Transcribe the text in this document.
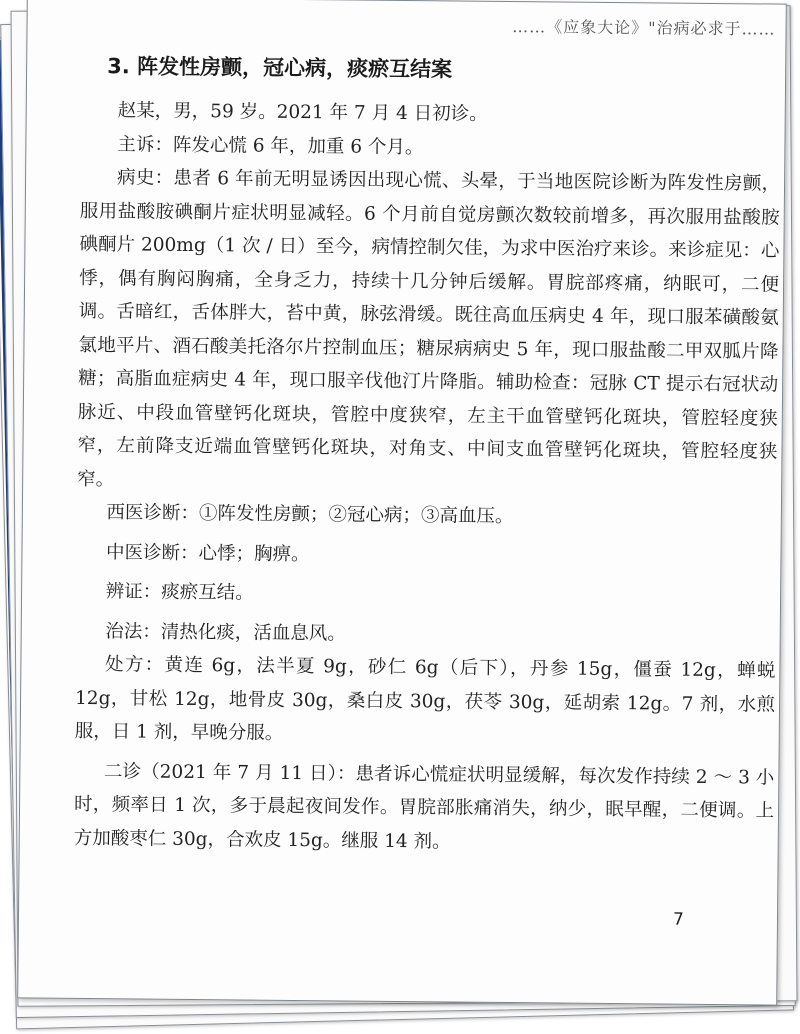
……《应象大论》"治病必求于……
3. 阵发性房颤，冠心病，痰瘀互结案

赵某，男，59 岁。2021 年 7 月 4 日初诊。

主诉：阵发心慌 6 年，加重 6 个月。

病史：患者 6 年前无明显诱因出现心慌、头晕，于当地医院诊断为阵发性房颤，服用盐酸胺碘酮片症状明显减轻。6 个月前自觉房颤次数较前增多，再次服用盐酸胺碘酮片 200mg（1 次 / 日）至今，病情控制欠佳，为求中医治疗来诊。来诊症见：心悸，偶有胸闷胸痛，全身乏力，持续十几分钟后缓解。胃脘部疼痛，纳眠可，二便调。舌暗红，舌体胖大，苔中黄，脉弦滑缓。既往高血压病史 4 年，现口服苯磺酸氨氯地平片、酒石酸美托洛尔片控制血压；糖尿病病史 5 年，现口服盐酸二甲双胍片降糖；高脂血症病史 4 年，现口服辛伐他汀片降脂。辅助检查：冠脉 CT 提示右冠状动脉近、中段血管壁钙化斑块，管腔中度狭窄，左主干血管壁钙化斑块，管腔轻度狭窄，左前降支近端血管壁钙化斑块，对角支、中间支血管壁钙化斑块，管腔轻度狭窄。

西医诊断：①阵发性房颤；②冠心病；③高血压。

中医诊断：心悸；胸痹。

辨证：痰瘀互结。

治法：清热化痰，活血息风。

处方：黄连 6g，法半夏 9g，砂仁 6g（后下），丹参 15g，僵蚕 12g，蝉蜕 12g，甘松 12g，地骨皮 30g，桑白皮 30g，茯苓 30g，延胡索 12g。7 剂，水煎服，日 1 剂，早晚分服。

二诊（2021 年 7 月 11 日）：患者诉心慌症状明显缓解，每次发作持续 2 ～ 3 小时，频率日 1 次，多于晨起夜间发作。胃脘部胀痛消失，纳少，眠早醒，二便调。上方加酸枣仁 30g，合欢皮 15g。继服 14 剂。

7
